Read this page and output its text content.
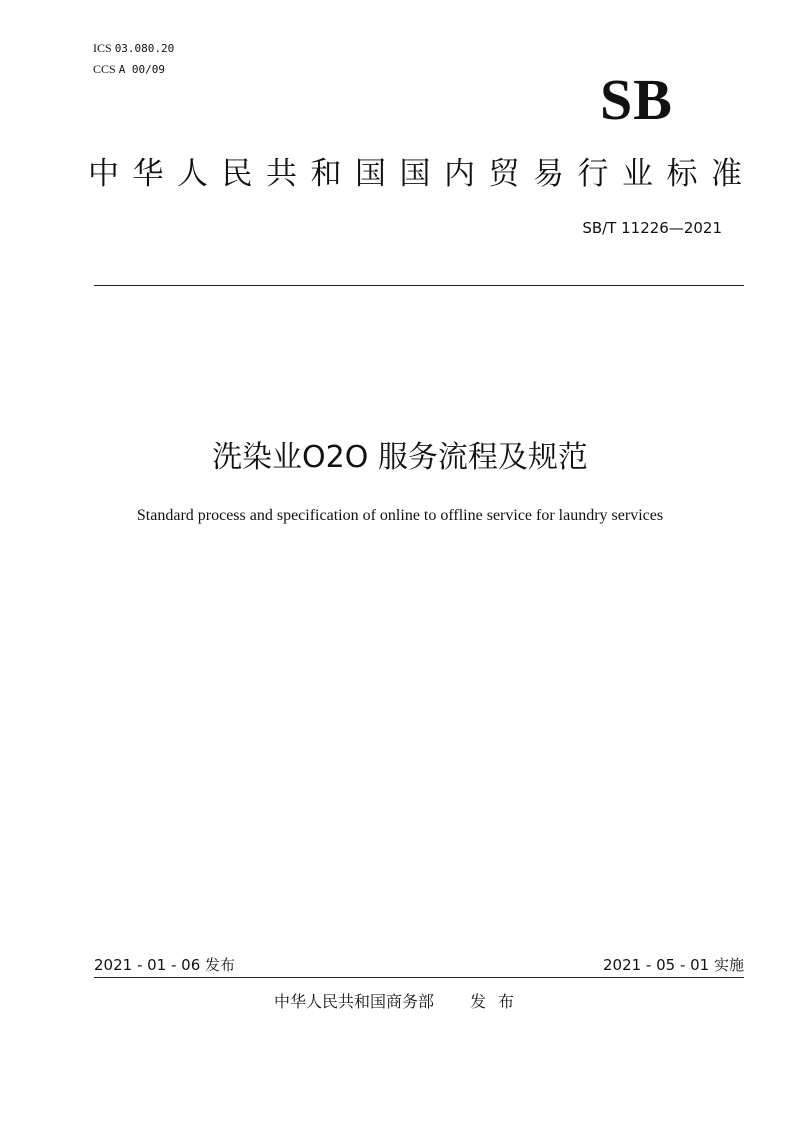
ICS 03.080.20
CCS A 00/09	SB
中华人民共和国国内贸易行业标准
SB/T 11226—2021
洗染业O2O 服务流程及规范
Standard process and specification of online to offline service for laundry services
2021 - 01 - 06 发布	2021 - 05 - 01 实施
中华人民共和国商务部 发布
